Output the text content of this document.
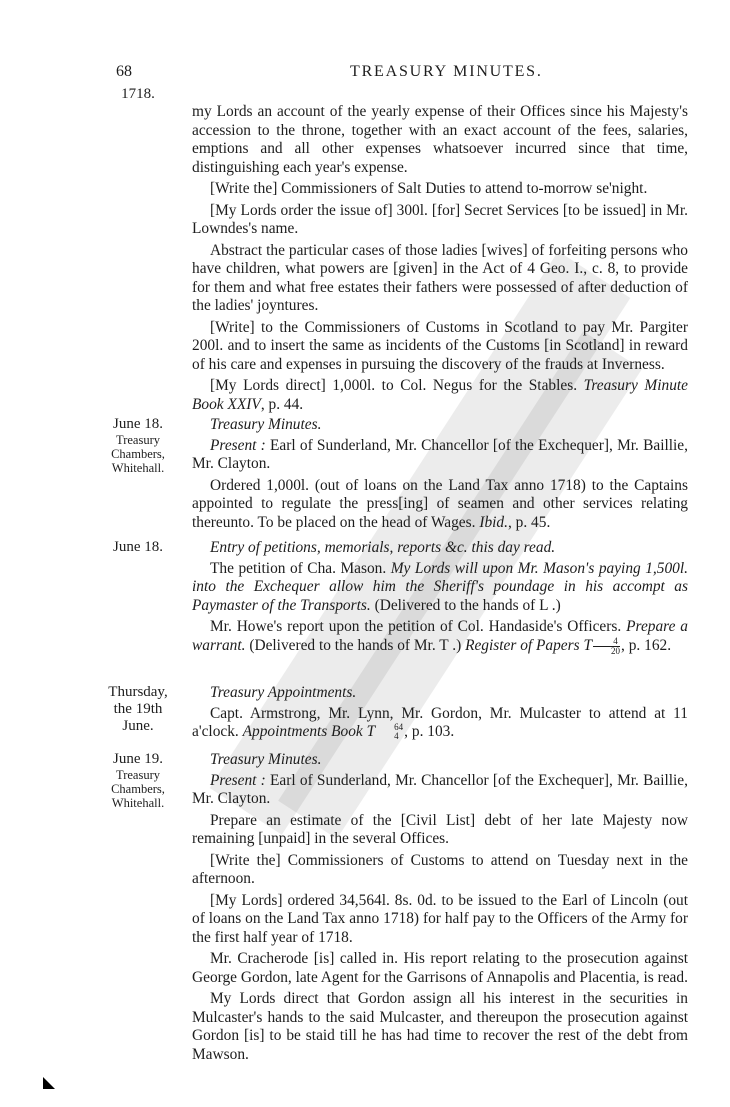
68	TREASURY MINUTES.
1718.

my Lords an account of the yearly expense of their Offices since his Majesty's accession to the throne, together with an exact account of the fees, salaries, emptions and all other expenses whatsoever incurred since that time, distinguishing each year's expense.

[Write the] Commissioners of Salt Duties to attend to-morrow se'night.

[My Lords order the issue of] 300l. [for] Secret Services [to be issued] in Mr. Lowndes's name.

Abstract the particular cases of those ladies [wives] of forfeiting persons who have children, what powers are [given] in the Act of 4 Geo. I., c. 8, to provide for them and what free estates their fathers were possessed of after deduction of the ladies' joyntures.

[Write] to the Commissioners of Customs in Scotland to pay Mr. Pargiter 200l. and to insert the same as incidents of the Customs [in Scotland] in reward of his care and expenses in pursuing the discovery of the frauds at Inverness.

[My Lords direct] 1,000l. to Col. Negus for the Stables. Treasury Minute Book XXIV, p. 44.

June 18.
Treasury
Chambers,
Whitehall.

Treasury Minutes.

Present : Earl of Sunderland, Mr. Chancellor [of the Exchequer], Mr. Baillie, Mr. Clayton.

Ordered 1,000l. (out of loans on the Land Tax anno 1718) to the Captains appointed to regulate the press[ing] of seamen and other services relating thereunto. To be placed on the head of Wages. Ibid., p. 45.

June 18.	Entry of petitions, memorials, reports &c. this day read.

The petition of Cha. Mason. My Lords will upon Mr. Mason's paying 1,500l. into the Exchequer allow him the Sheriff's poundage in his accompt as Paymaster of the Transports. (Delivered to the hands of L .)

Mr. Howe's report upon the petition of Col. Handaside's Officers. Prepare a warrant. (Delivered to the hands of Mr. T .) Register of Papers T $\frac{4}{20}$ , p. 162.

Thursday,
the 19th
June.

Treasury Appointments.

Capt. Armstrong, Mr. Lynn, Mr. Gordon, Mr. Mulcaster to attend at 11 a'clock. Appointments Book T	64
4 , p. 103.

June 19.
Treasury
Chambers,
Whitehall.

Treasury Minutes.

Present : Earl of Sunderland, Mr. Chancellor [of the Exchequer], Mr. Baillie, Mr. Clayton.

Prepare an estimate of the [Civil List] debt of her late Majesty now remaining [unpaid] in the several Offices.

[Write the] Commissioners of Customs to attend on Tuesday next in the afternoon.

[My Lords] ordered 34,564l. 8s. 0d. to be issued to the Earl of Lincoln (out of loans on the Land Tax anno 1718) for half pay to the Officers of the Army for the first half year of 1718.

Mr. Cracherode [is] called in. His report relating to the prosecution against George Gordon, late Agent for the Garrisons of Annapolis and Placentia, is read.

My Lords direct that Gordon assign all his interest in the securities in Mulcaster's hands to the said Mulcaster, and thereupon the prosecution against Gordon [is] to be staid till he has had time to recover the rest of the debt from Mawson.
